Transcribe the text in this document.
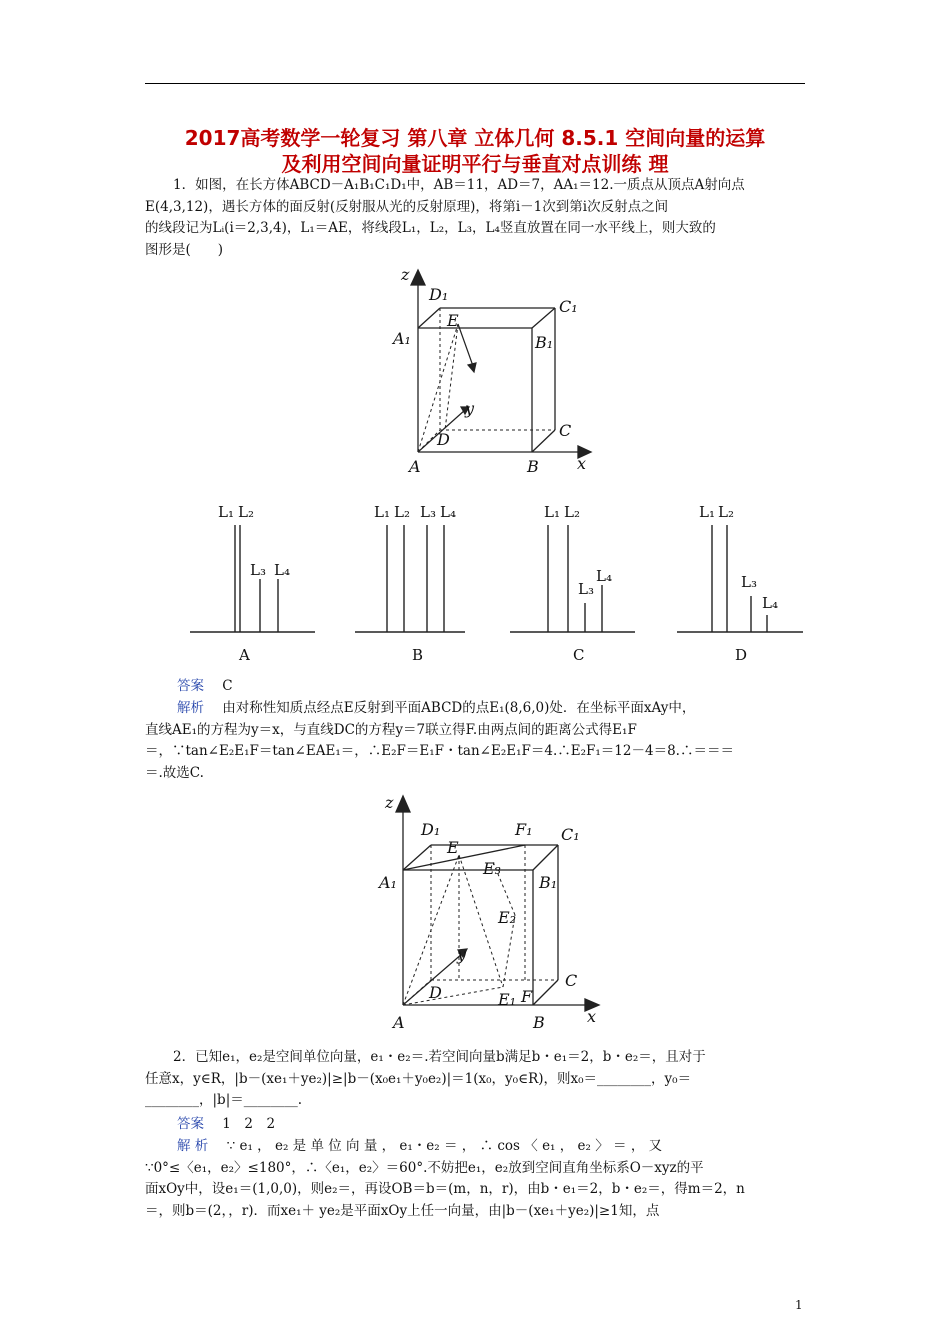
2017高考数学一轮复习 第八章 立体几何 8.5.1 空间向量的运算
及利用空间向量证明平行与垂直对点训练 理
1．如图，在长方体ABCD－A₁B₁C₁D₁中，AB＝11，AD＝7，AA₁＝12.一质点从顶点A射向点
E(4,3,12)，遇长方体的面反射(反射服从光的反射原理)，将第i－1次到第i次反射点之间
的线段记为Lᵢ(i＝2,3,4)，L₁＝AE，将线段L₁，L₂，L₃，L₄竖直放置在同一水平线上，则大致的
图形是(　　)
z
x
y
A	B
C
D
A₁	B₁
C₁
D₁
E
L₁ L₂
L₃ L₄
A
L₁ L₂ L₃ L₄
B
L₁ L₂
L₃
L₄
C
L₁ L₂
L₃
L₄
D
答案 C
解析 由对称性知质点经点E反射到平面ABCD的点E₁(8,6,0)处．在坐标平面xAy中，
直线AE₁的方程为y＝x，与直线DC的方程y＝7联立得F.由两点间的距离公式得E₁F
＝，∵tan∠E₂E₁F＝tan∠EAE₁＝，∴E₂F＝E₁F・tan∠E₂E₁F＝4.∴E₂F₁＝12－4＝8.∴＝＝＝
＝.故选C.
z
x
y
A	B
C
D
A₁	B₁
C₁
D₁	F₁
E
E₃
E₂
E₁ F
2．已知e₁，e₂是空间单位向量，e₁・e₂＝.若空间向量b满足b・e₁＝2，b・e₂＝，且对于
任意x，y∈R，|b－(xe₁＋ye₂)|≥|b－(x₀e₁＋y₀e₂)|＝1(x₀，y₀∈R)，则x₀＝________，y₀＝
________，|b|＝________.
答案 1　2　2
解 析 ∵ e₁ ， e₂ 是 单 位 向 量 ， e₁・e₂ ＝ ， ∴ cos 〈 e₁ ， e₂ 〉 ＝ ， 又
∵0°≤〈e₁，e₂〉≤180°，∴〈e₁，e₂〉＝60°.不妨把e₁，e₂放到空间直角坐标系O－xyz的平
面xOy中，设e₁＝(1,0,0)，则e₂＝，再设OB＝b＝(m，n，r)，由b・e₁＝2，b・e₂＝，得m＝2，n
＝，则b＝(2，，r)．而xe₁＋ ye₂是平面xOy上任一向量，由|b－(xe₁＋ye₂)|≥1知，点
1
